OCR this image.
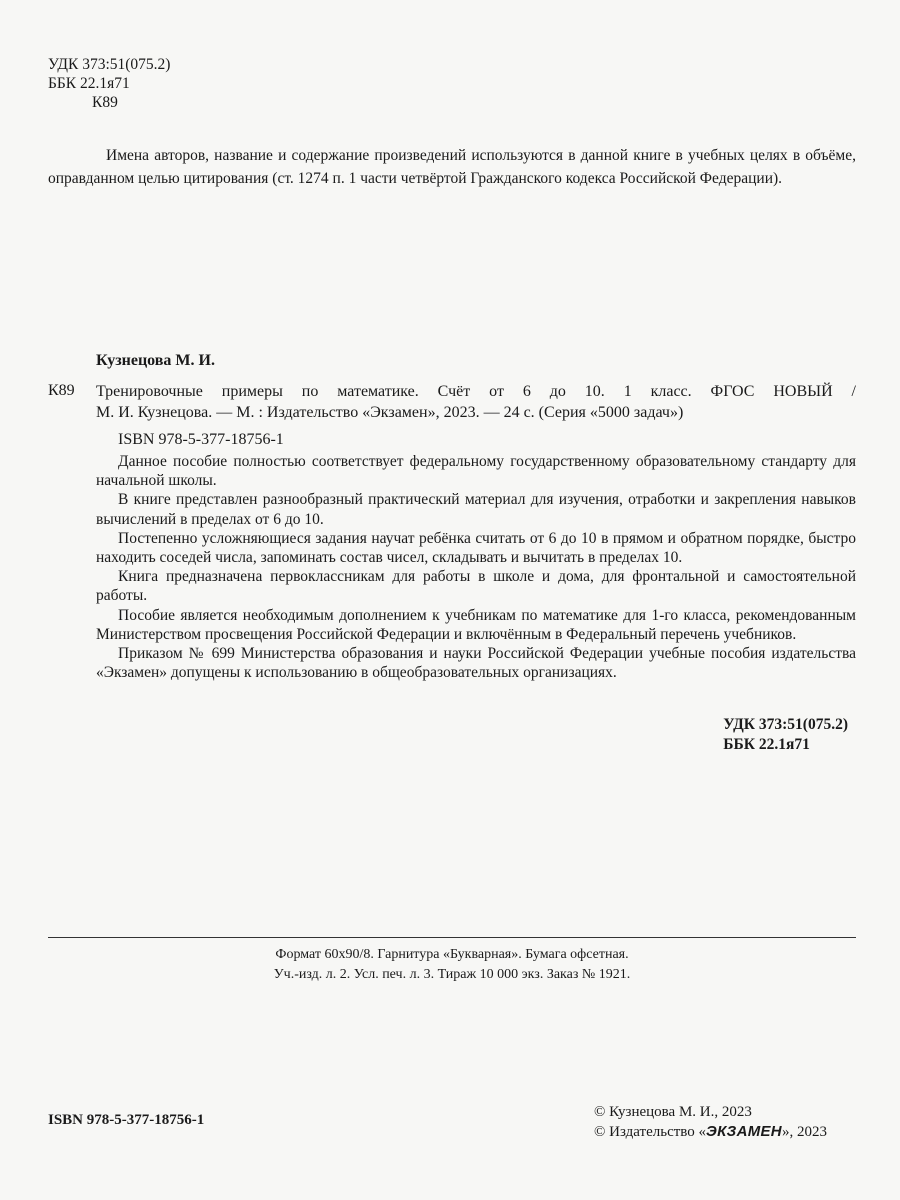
УДК 373:51(075.2)
ББК 22.1я71
К89
Имена авторов, название и содержание произведений используются в данной книге в учебных целях в объёме, оправданном целью цитирования (ст. 1274 п. 1 части четвёртой Гражданского кодекса Российской Федерации).
Кузнецова М. И.
К89 Тренировочные примеры по математике. Счёт от 6 до 10. 1 класс. ФГОС НОВЫЙ /
М. И. Кузнецова. — М. : Издательство «Экзамен», 2023. — 24 с. (Серия «5000 задач»)
ISBN 978-5-377-18756-1

Данное пособие полностью соответствует федеральному государственному образовательному стандарту для начальной школы.

В книге представлен разнообразный практический материал для изучения, отработки и закрепления навыков вычислений в пределах от 6 до 10.

Постепенно усложняющиеся задания научат ребёнка считать от 6 до 10 в прямом и обратном порядке, быстро находить соседей числа, запоминать состав чисел, складывать и вычитать в пределах 10.

Книга предназначена первоклассникам для работы в школе и дома, для фронтальной и самостоятельной работы.

Пособие является необходимым дополнением к учебникам по математике для 1-го класса, рекомендованным Министерством просвещения Российской Федерации и включённым в Федеральный перечень учебников.

Приказом № 699 Министерства образования и науки Российской Федерации учебные пособия издательства «Экзамен» допущены к использованию в общеобразовательных организациях.

УДК 373:51(075.2)
ББК 22.1я71
Формат 60х90/8. Гарнитура «Букварная». Бумага офсетная.
Уч.-изд. л. 2. Усл. печ. л. 3. Тираж 10 000 экз. Заказ № 1921.
ISBN 978-5-377-18756-1	© Кузнецова М. И., 2023
© Издательство «ЭКЗАМЕН», 2023
